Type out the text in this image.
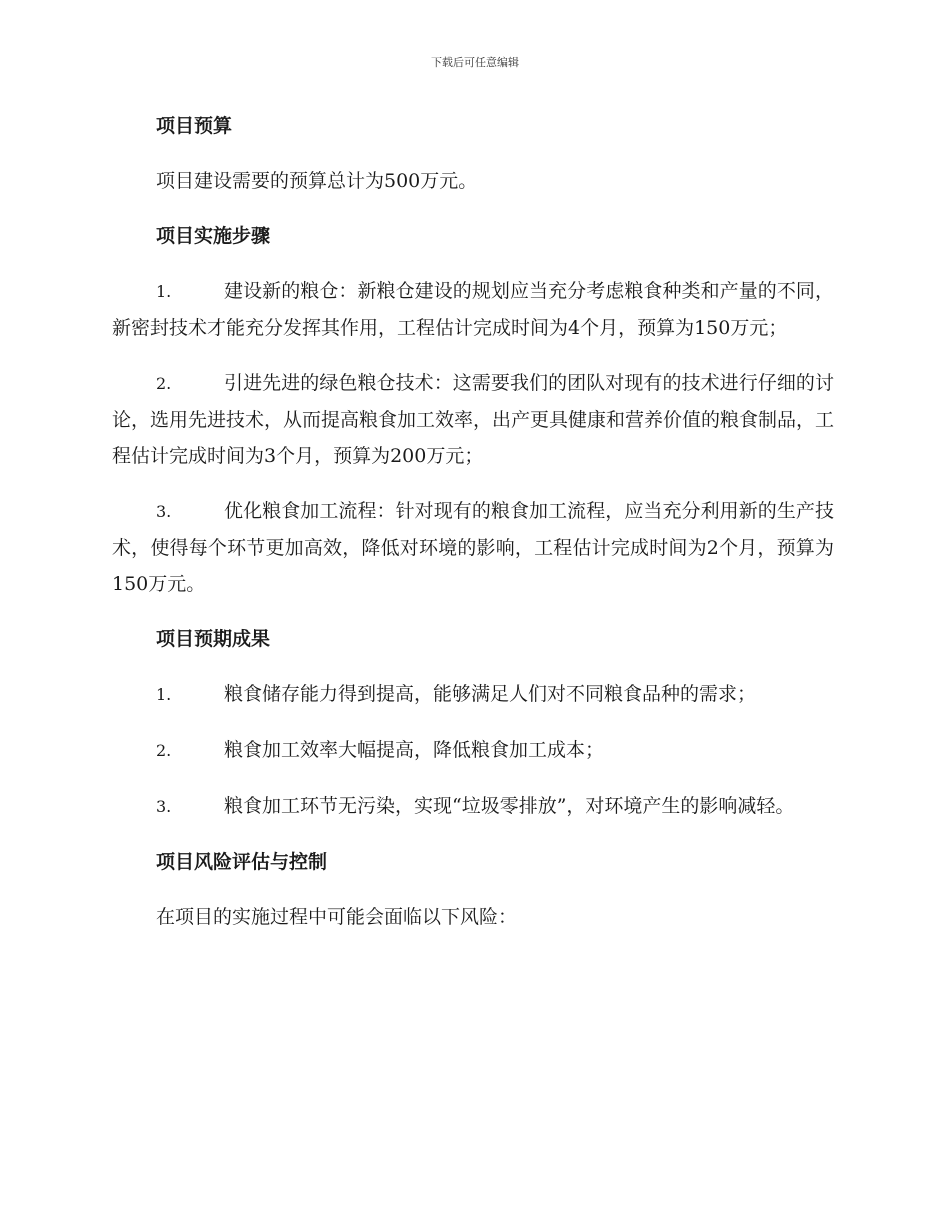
下载后可任意编辑

项目预算

项目建设需要的预算总计为500万元。

项目实施步骤

1.	建设新的粮仓：新粮仓建设的规划应当充分考虑粮食种类和产量的不同，新密封技术才能充分发挥其作用，工程估计完成时间为4个月，预算为150万元；

2.	引进先进的绿色粮仓技术：这需要我们的团队对现有的技术进行仔细的讨论，选用先进技术，从而提高粮食加工效率，出产更具健康和营养价值的粮食制品，工程估计完成时间为3个月，预算为200万元；

3.	优化粮食加工流程：针对现有的粮食加工流程，应当充分利用新的生产技术，使得每个环节更加高效，降低对环境的影响，工程估计完成时间为2个月，预算为150万元。

项目预期成果

1.	粮食储存能力得到提高，能够满足人们对不同粮食品种的需求；

2.	粮食加工效率大幅提高，降低粮食加工成本；

3.	粮食加工环节无污染，实现“垃圾零排放”，对环境产生的影响减轻。

项目风险评估与控制

在项目的实施过程中可能会面临以下风险：
